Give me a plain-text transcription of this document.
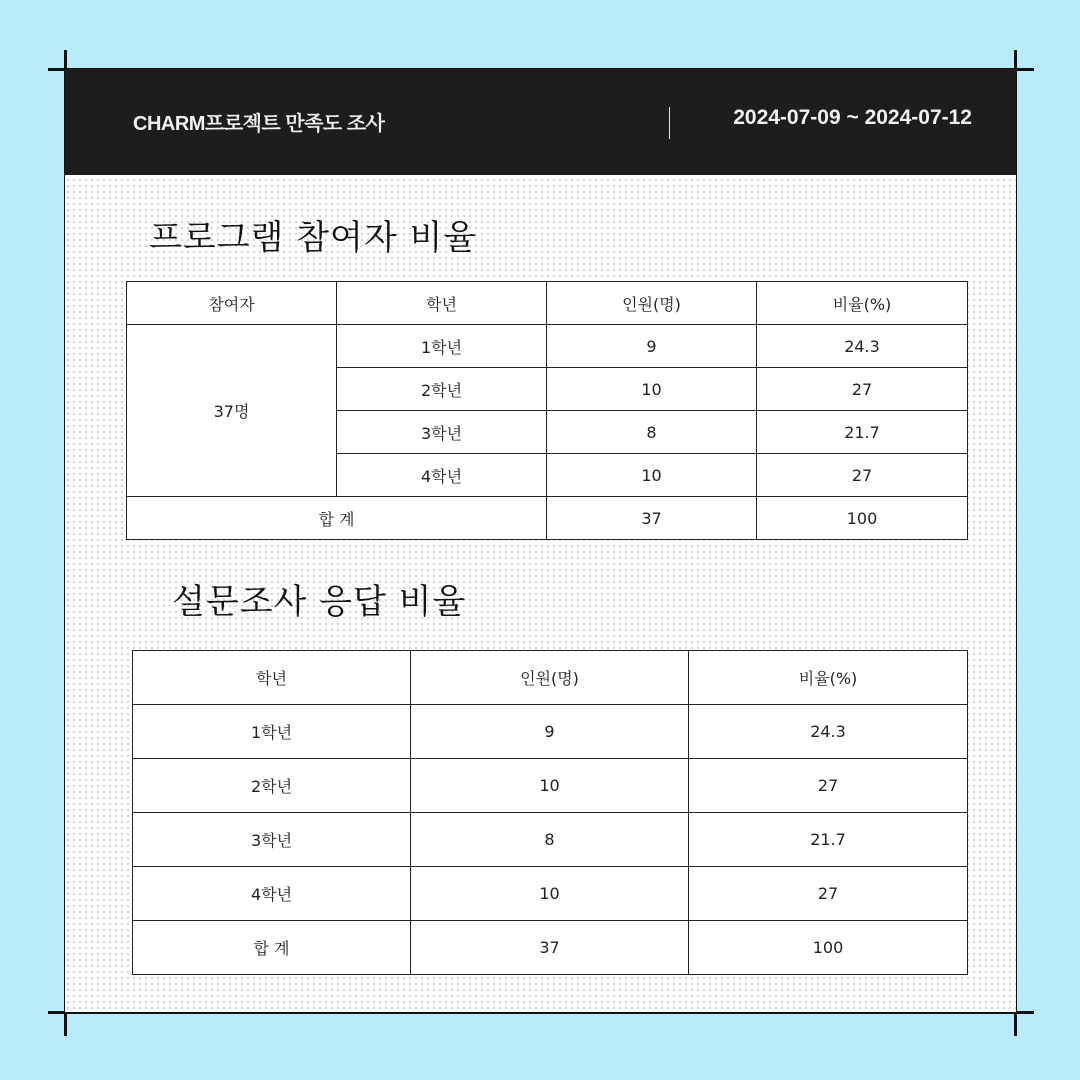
CHARM프로젝트 만족도 조사	2024-07-09 ~ 2024-07-12
프로그램 참여자 비율
참여자	학년	인원(명)	비율(%)
37명	1학년	9	24.3
	2학년	10	27
	3학년	8	21.7
	4학년	10	27
합 계		37	100
설문조사 응답 비율
학년	인원(명)	비율(%)
1학년	9	24.3
2학년	10	27
3학년	8	21.7
4학년	10	27
합 계	37	100
